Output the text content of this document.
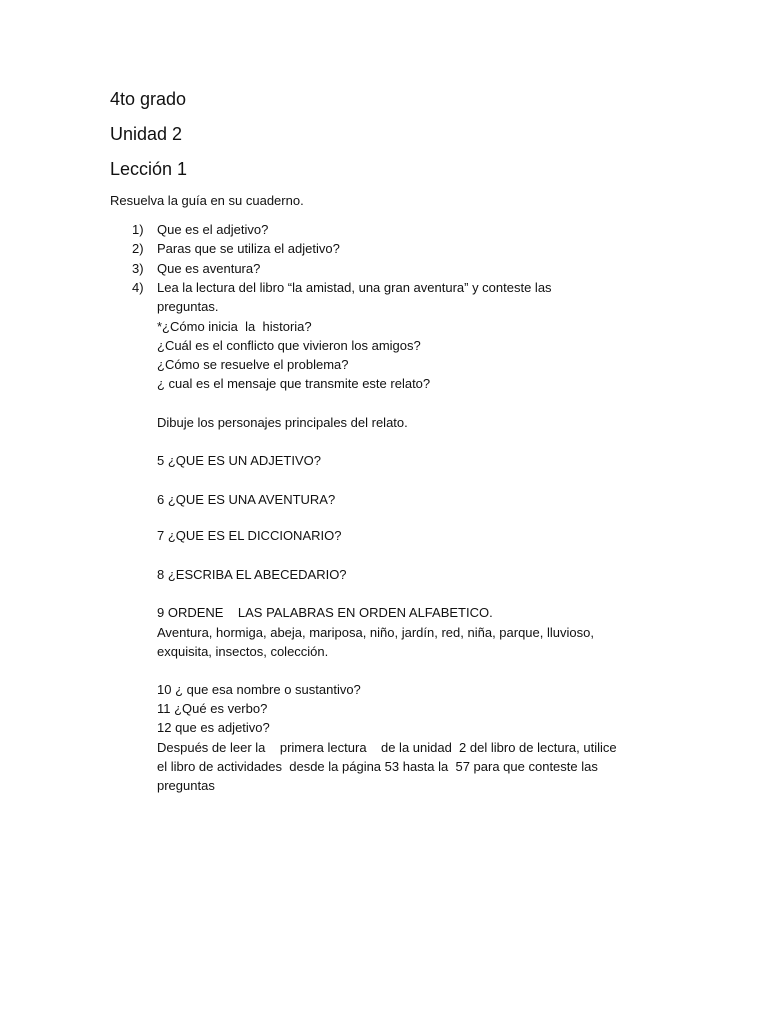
4to grado
Unidad 2
Lección 1
Resuelva la guía en su cuaderno.
1) Que es el adjetivo?
2) Paras que se utiliza el adjetivo?
3) Que es aventura?
4) Lea la lectura del libro “la amistad, una gran aventura” y conteste las
preguntas.
*¿Cómo inicia  la  historia?
¿Cuál es el conflicto que vivieron los amigos?
¿Cómo se resuelve el problema?
¿ cual es el mensaje que transmite este relato?
Dibuje los personajes principales del relato.
5 ¿QUE ES UN ADJETIVO?
6 ¿QUE ES UNA AVENTURA?
7 ¿QUE ES EL DICCIONARIO?
8 ¿ESCRIBA EL ABECEDARIO?
9 ORDENE    LAS PALABRAS EN ORDEN ALFABETICO.
Aventura, hormiga, abeja, mariposa, niño, jardín, red, niña, parque, lluvioso,
exquisita, insectos, colección.
10 ¿ que esa nombre o sustantivo?
11 ¿Qué es verbo?
12 que es adjetivo?
Después de leer la    primera lectura    de la unidad  2 del libro de lectura, utilice
el libro de actividades  desde la página 53 hasta la  57 para que conteste las
preguntas
